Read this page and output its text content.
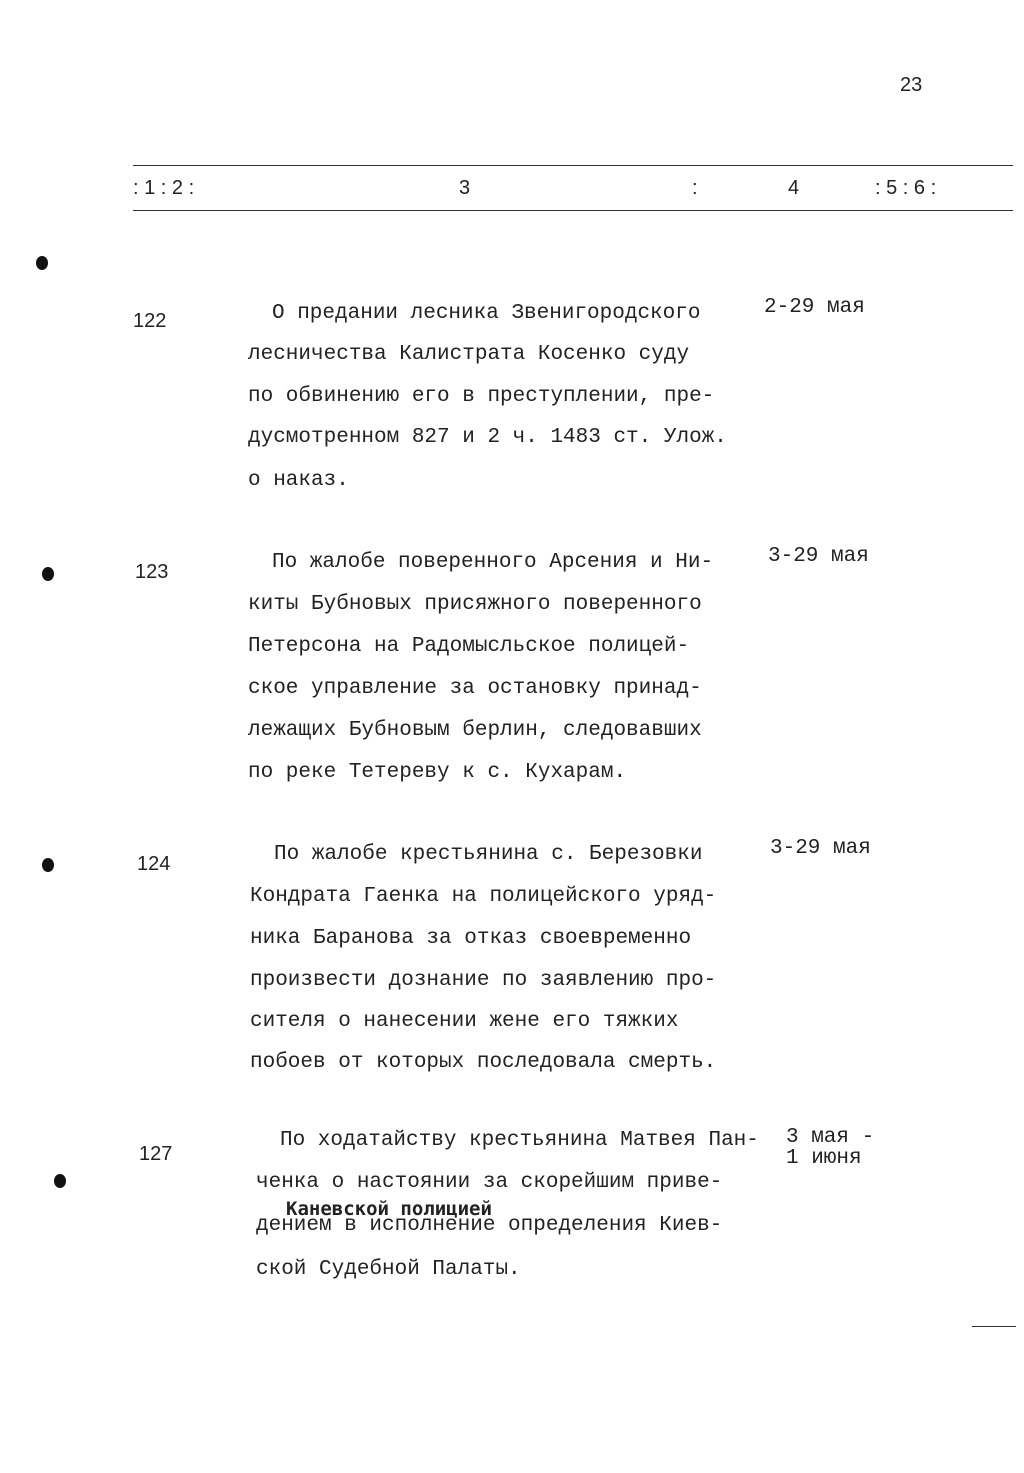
23
: 1 : 2 :	3	:	4	: 5 : 6 :
122	О предании лесника Звенигородского
лесничества Калистрата Косенко суду
по обвинению его в преступлении, пре-
дусмотренном 827 и 2 ч. 1483 ст. Улож.
о наказ.
2-29 мая
123	По жалобе поверенного Арсения и Ни-
киты Бубновых присяжного поверенного
Петерсона на Радомысльское полицей-
ское управление за остановку принад-
лежащих Бубновым берлин, следовавших
по реке Тетереву к с. Кухарам.
3-29 мая
124	По жалобе крестьянина с. Березовки
Кондрата Гаенка на полицейского уряд-
ника Баранова за отказ своевременно
произвести дознание по заявлению про-
сителя о нанесении жене его тяжких
побоев от которых последовала смерть.
3-29 мая
127
По ходатайству крестьянина Матвея Пан-
ченка о настоянии за скорейшим приве-
Каневской полицией
дением в исполнение определения Киев-
ской Судебной Палаты.
3 мая -
1 июня
